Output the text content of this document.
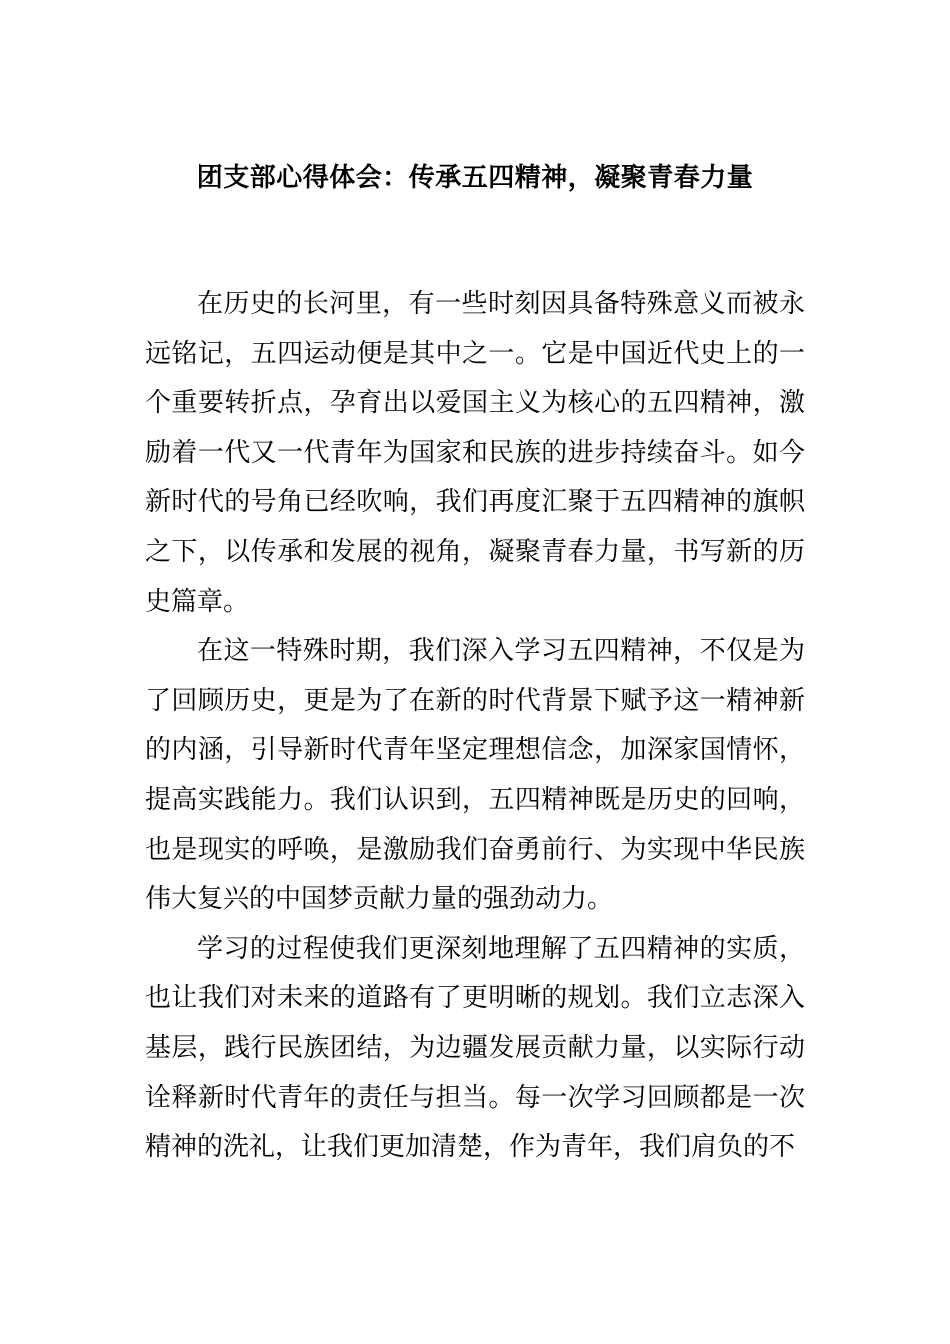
团支部心得体会：传承五四精神，凝聚青春力量

在历史的长河里，有一些时刻因具备特殊意义而被永远铭记，五四运动便是其中之一。它是中国近代史上的一个重要转折点，孕育出以爱国主义为核心的五四精神，激励着一代又一代青年为国家和民族的进步持续奋斗。如今新时代的号角已经吹响，我们再度汇聚于五四精神的旗帜之下，以传承和发展的视角，凝聚青春力量，书写新的历史篇章。

在这一特殊时期，我们深入学习五四精神，不仅是为了回顾历史，更是为了在新的时代背景下赋予这一精神新的内涵，引导新时代青年坚定理想信念，加深家国情怀，提高实践能力。我们认识到，五四精神既是历史的回响，也是现实的呼唤，是激励我们奋勇前行、为实现中华民族伟大复兴的中国梦贡献力量的强劲动力。

学习的过程使我们更深刻地理解了五四精神的实质，也让我们对未来的道路有了更明晰的规划。我们立志深入基层，践行民族团结，为边疆发展贡献力量，以实际行动诠释新时代青年的责任与担当。每一次学习回顾都是一次精神的洗礼，让我们更加清楚，作为青年，我们肩负的不
